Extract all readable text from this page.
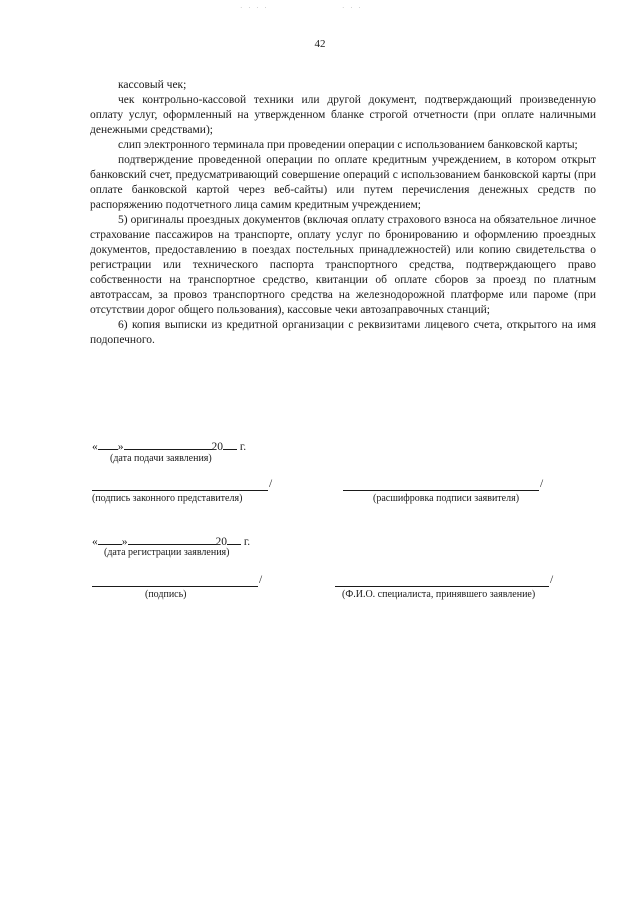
˙ ˙ ˙ ˙	˙ ˙ ˙
42

кассовый чек;

чек контрольно-кассовой техники или другой документ, подтверждающий произведенную оплату услуг, оформленный на утвержденном бланке строгой отчетности (при оплате наличными денежными средствами);

слип электронного терминала при проведении операции с использованием банковской карты;

подтверждение проведенной операции по оплате кредитным учреждением, в котором открыт банковский счет, предусматривающий совершение операций с использованием банковской карты (при оплате банковской картой через веб-сайты) или путем перечисления денежных средств по распоряжению подотчетного лица самим кредитным учреждением;

5) оригиналы проездных документов (включая оплату страхового взноса на обязательное личное страхование пассажиров на транспорте, оплату услуг по бронированию и оформлению проездных документов, предоставлению в поездах постельных принадлежностей) или копию свидетельства о регистрации или технического паспорта транспортного средства, подтверждающего право собственности на транспортное средство, квитанции об оплате сборов за проезд по платным автотрассам, за провоз транспортного средства на железнодорожной платформе или пароме (при отсутствии дорог общего пользования), кассовые чеки автозаправочных станций;

6) копия выписки из кредитной организации с реквизитами лицевого счета, открытого на имя подопечного.

« »	20 г.
(дата подачи заявления)
/
(подпись законного представителя)
/
(расшифровка подписи заявителя)
« »	20 г.
(дата регистрации заявления)
/
(подпись)
/
(Ф.И.О. специалиста, принявшего заявление)
